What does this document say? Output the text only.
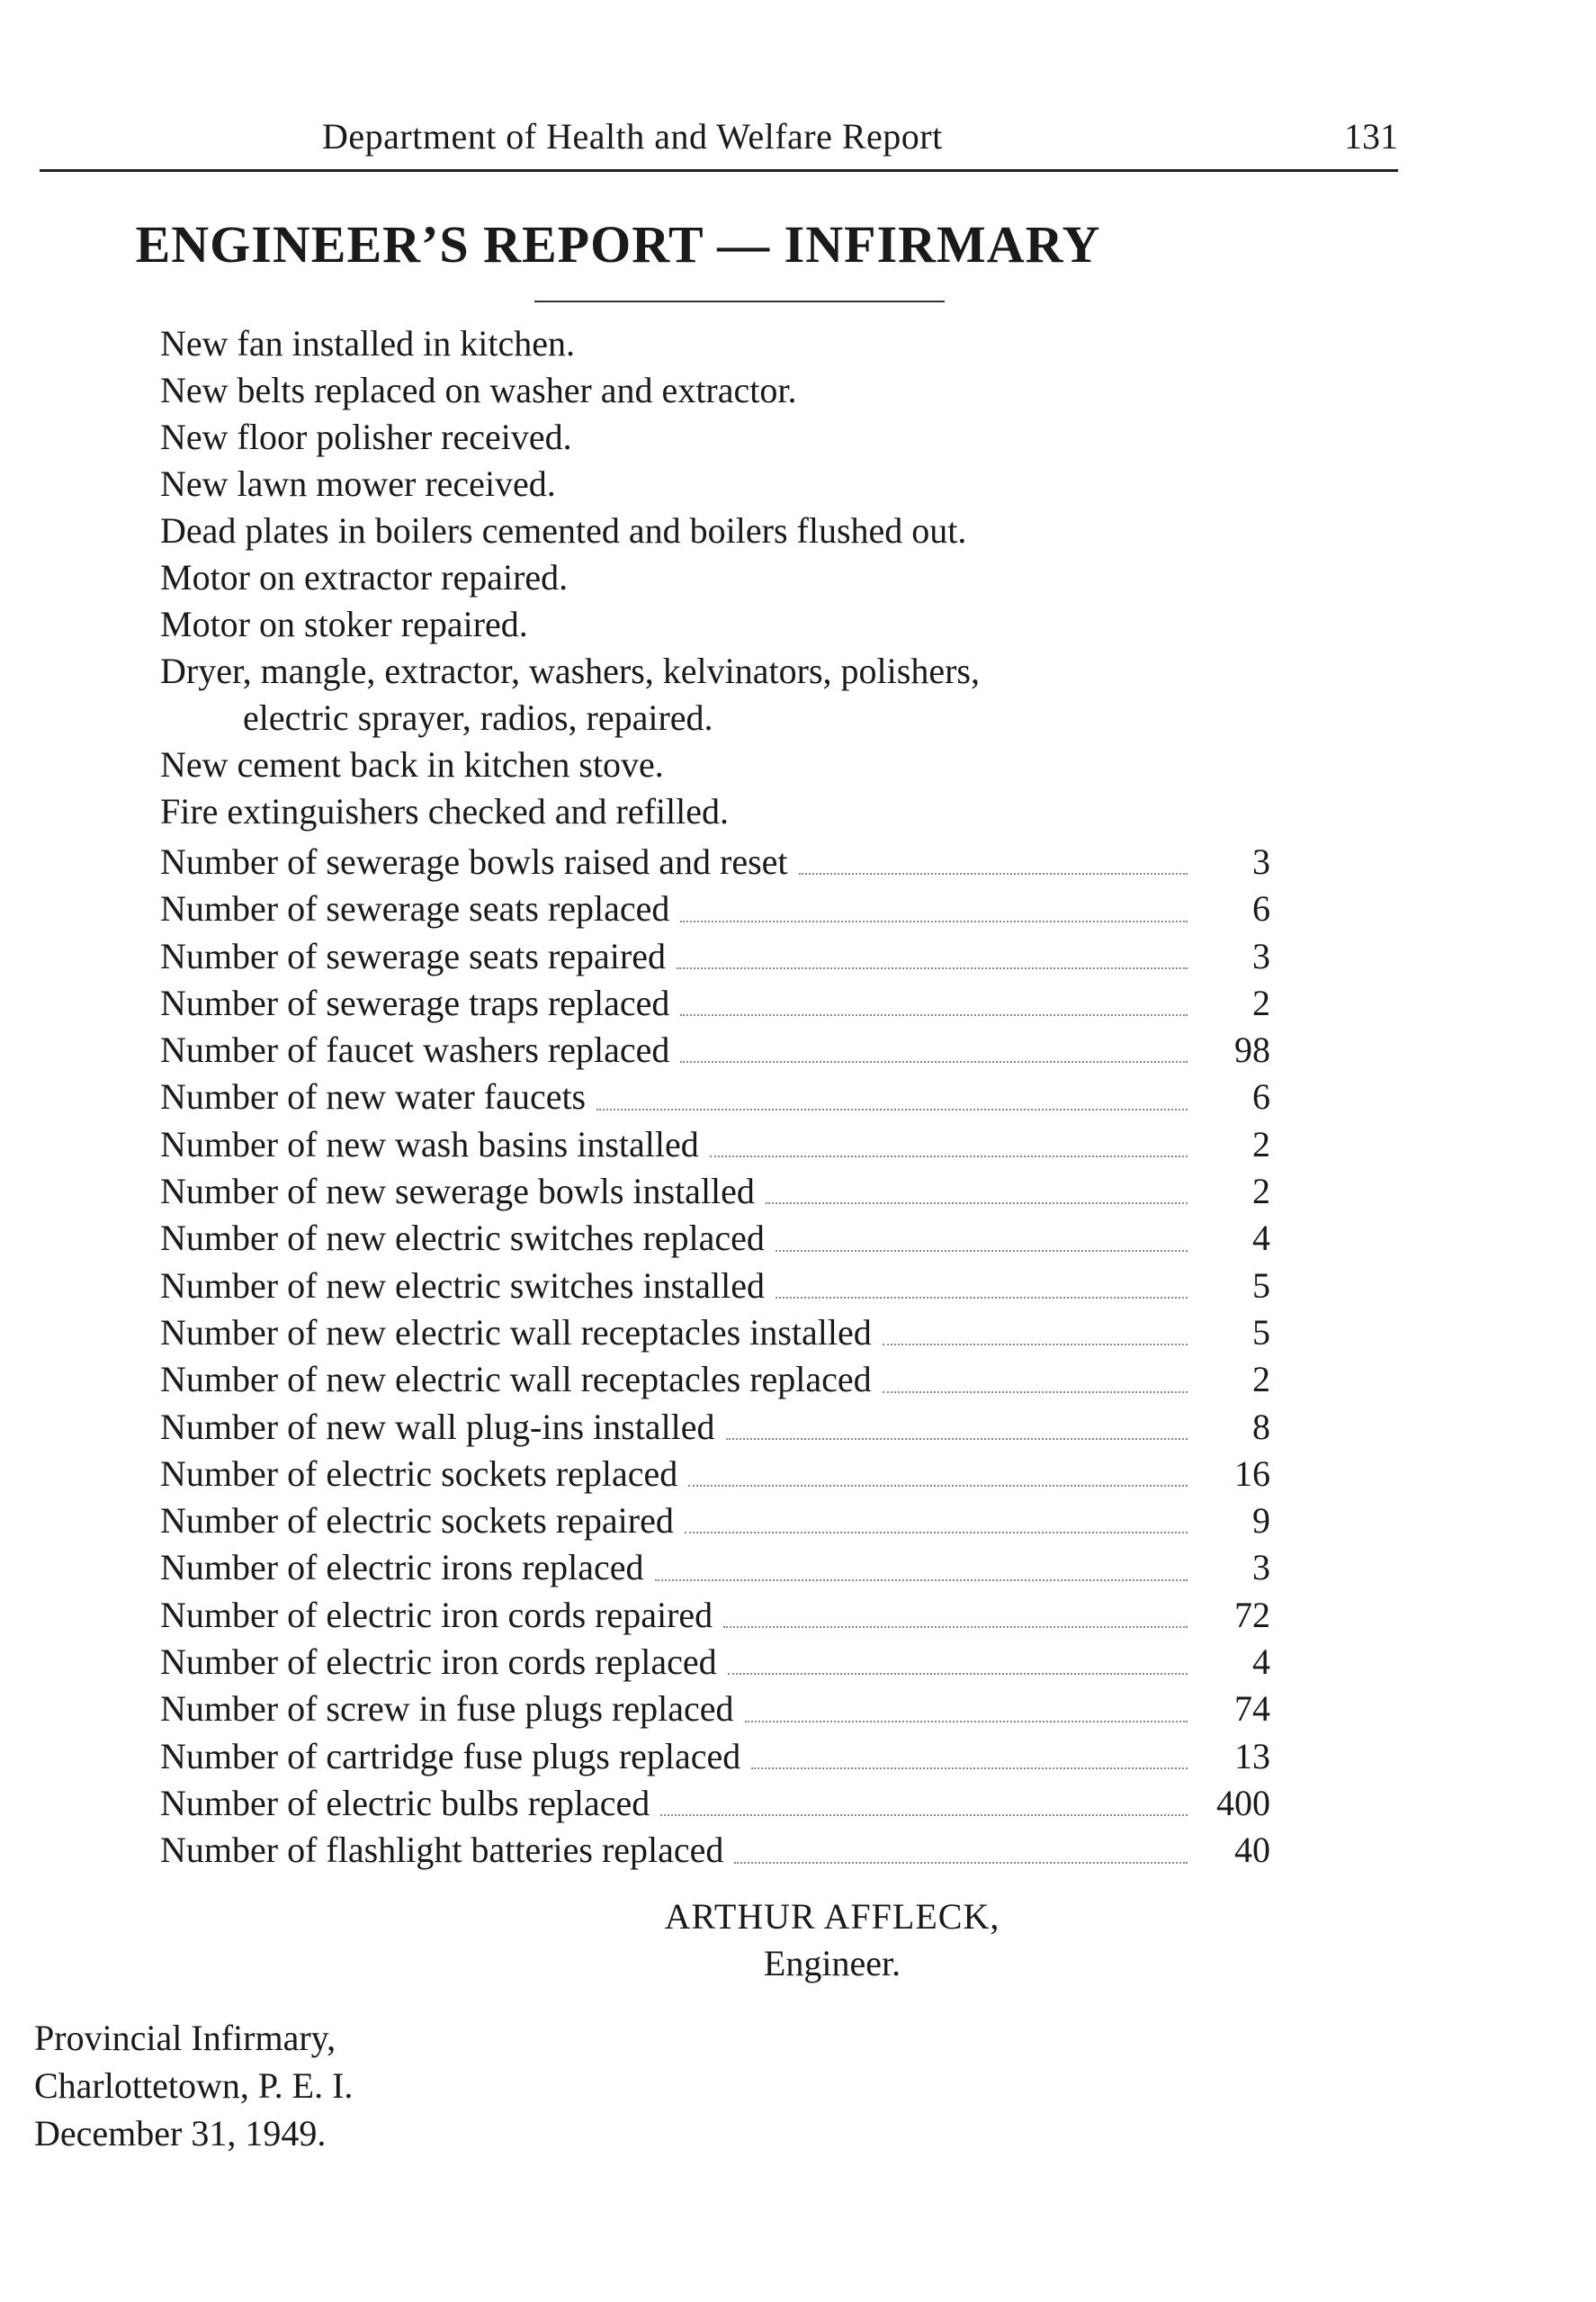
Department of Health and Welfare Report	131
ENGINEER’S REPORT — INFIRMARY
New fan installed in kitchen.
New belts replaced on washer and extractor.
New floor polisher received.
New lawn mower received.
Dead plates in boilers cemented and boilers flushed out.
Motor on extractor repaired.
Motor on stoker repaired.
Dryer, mangle, extractor, washers, kelvinators, polishers,
electric sprayer, radios, repaired.
New cement back in kitchen stove.
Fire extinguishers checked and refilled.
Number of sewerage bowls raised and reset	3
Number of sewerage seats replaced	6
Number of sewerage seats repaired	3
Number of sewerage traps replaced	2
Number of faucet washers replaced	98
Number of new water faucets	6
Number of new wash basins installed	2
Number of new sewerage bowls installed	2
Number of new electric switches replaced	4
Number of new electric switches installed	5
Number of new electric wall receptacles installed	5
Number of new electric wall receptacles replaced	2
Number of new wall plug-ins installed	8
Number of electric sockets replaced	16
Number of electric sockets repaired	9
Number of electric irons replaced	3
Number of electric iron cords repaired	72
Number of electric iron cords replaced	4
Number of screw in fuse plugs replaced	74
Number of cartridge fuse plugs replaced	13
Number of electric bulbs replaced	400
Number of flashlight batteries replaced	40
ARTHUR AFFLECK,
Engineer.
Provincial Infirmary,
Charlottetown, P. E. I.
December 31, 1949.
